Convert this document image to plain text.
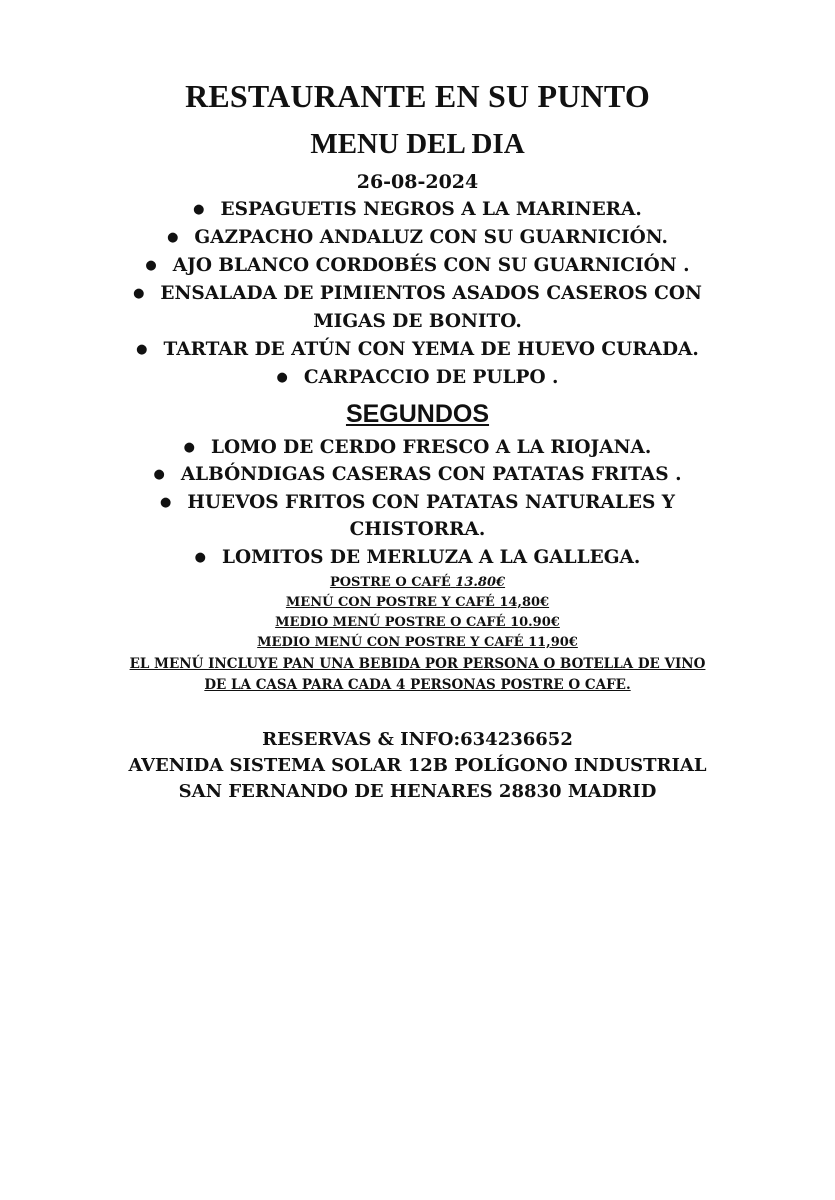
RESTAURANTE EN SU PUNTO
MENU DEL DIA
26-08-2024
● ESPAGUETIS NEGROS A LA MARINERA.
● GAZPACHO ANDALUZ CON SU GUARNICIÓN.
● AJO BLANCO CORDOBÉS CON SU GUARNICIÓN .
● ENSALADA DE PIMIENTOS ASADOS CASEROS CON
MIGAS DE BONITO.
● TARTAR DE ATÚN CON YEMA DE HUEVO CURADA.
● CARPACCIO DE PULPO .
SEGUNDOS
● LOMO DE CERDO FRESCO A LA RIOJANA.
● ALBÓNDIGAS CASERAS CON PATATAS FRITAS .
● HUEVOS FRITOS CON PATATAS NATURALES Y
CHISTORRA.
● LOMITOS DE MERLUZA A LA GALLEGA.
POSTRE O CAFÉ 13.80€
MENÚ CON POSTRE Y CAFÉ 14,80€
MEDIO MENÚ POSTRE O CAFÉ 10.90€
MEDIO MENÚ CON POSTRE Y CAFÉ 11,90€
EL MENÚ INCLUYE PAN UNA BEBIDA POR PERSONA O BOTELLA DE VINO
DE LA CASA PARA CADA 4 PERSONAS POSTRE O CAFE.
RESERVAS & INFO:634236652
AVENIDA SISTEMA SOLAR 12B POLÍGONO INDUSTRIAL
SAN FERNANDO DE HENARES 28830 MADRID
